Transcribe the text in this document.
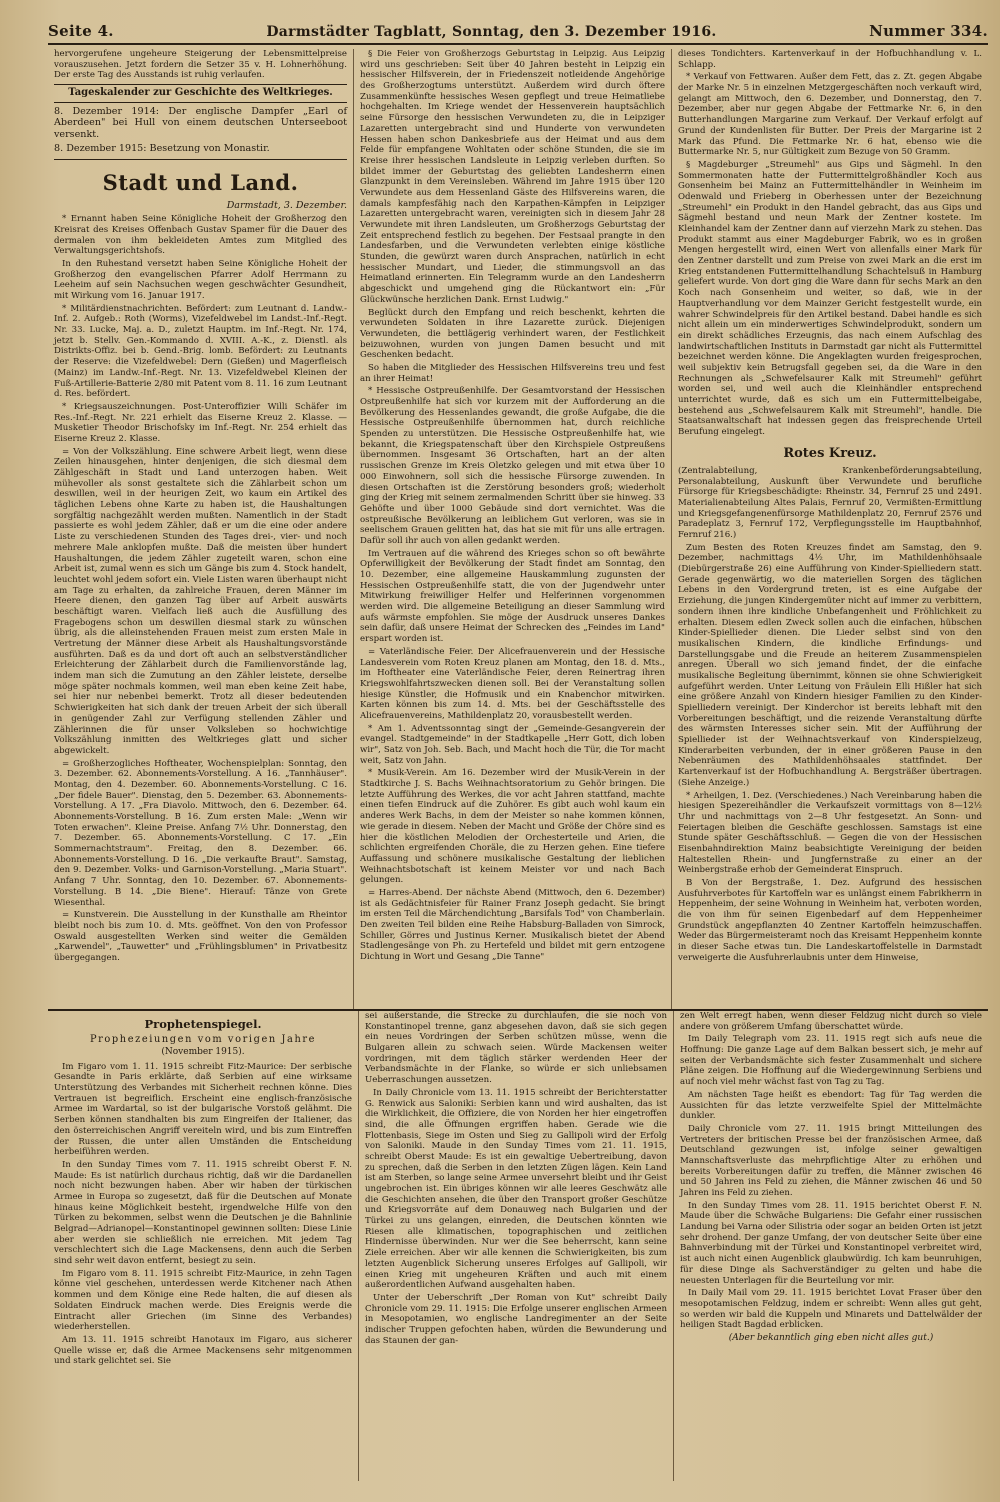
Seite 4.	Darmstädter Tagblatt, Sonntag, den 3. Dezember 1916.	Nummer 334.

hervorgerufene ungeheure Steigerung der Lebensmittelpreise vorauszusehen. Jetzt fordern die Setzer 35 v. H. Lohnerhöhung. Der erste Tag des Ausstands ist ruhig verlaufen.

Tageskalender zur Geschichte des Weltkrieges.

8. Dezember 1914: Der englische Dampfer „Earl of Aberdeen" bei Hull von einem deutschen Unterseeboot versenkt.

8. Dezember 1915: Besetzung von Monastir.

Stadt und Land.
Darmstadt, 3. Dezember.

* Ernannt haben Seine Königliche Hoheit der Großherzog den Kreisrat des Kreises Offenbach Gustav Spamer für die Dauer des dermalen von ihm bekleideten Amtes zum Mitglied des Verwaltungsgerichtshofs.

In den Ruhestand versetzt haben Seine Königliche Hoheit der Großherzog den evangelischen Pfarrer Adolf Herrmann zu Leeheim auf sein Nachsuchen wegen geschwächter Gesundheit, mit Wirkung vom 16. Januar 1917.

* Militärdienstnachrichten. Befördert: zum Leutnant d. Landw.-Inf. 2. Aufgeb.: Roth (Worms), Vizefeldwebel im Landst.-Inf.-Regt. Nr. 33. Lucke, Maj. a. D., zuletzt Hauptm. im Inf.-Regt. Nr. 174, jetzt b. Stellv. Gen.-Kommando d. XVIII. A.-K., z. Dienstl. als Distrikts-Offiz. bei b. Gend.-Brig. lomb. Befördert: zu Leutnants der Reserve: die Vizefeldwebel: Dern (Gießen) und Magerfleisch (Mainz) im Landw.-Inf.-Regt. Nr. 13. Vizefeldwebel Kleinen der Fuß-Artillerie-Batterie 2/80 mit Patent vom 8. 11. 16 zum Leutnant d. Res. befördert.

* Kriegsauszeichnungen. Post-Unteroffizier Willi Schäfer im Res.-Inf.-Regt. Nr. 221 erhielt das Eiserne Kreuz 2. Klasse. — Musketier Theodor Brischofsky im Inf.-Regt. Nr. 254 erhielt das Eiserne Kreuz 2. Klasse.

= Von der Volkszählung. Eine schwere Arbeit liegt, wenn diese Zeilen hinausgehen, hinter denjenigen, die sich diesmal dem Zählgeschäft in Stadt und Land unterzogen haben. Weit mühevoller als sonst gestaltete sich die Zählarbeit schon um deswillen, weil in der heurigen Zeit, wo kaum ein Artikel des täglichen Lebens ohne Karte zu haben ist, die Haushaltungen sorgfältig nachgezählt werden mußten. Namentlich in der Stadt passierte es wohl jedem Zähler, daß er um die eine oder andere Liste zu verschiedenen Stunden des Tages drei-, vier- und noch mehrere Male anklopfen mußte. Daß die meisten über hundert Haushaltungen, die jedem Zähler zugeteilt waren, schon eine Arbeit ist, zumal wenn es sich um Gänge bis zum 4. Stock handelt, leuchtet wohl jedem sofort ein. Viele Listen waren überhaupt nicht am Tage zu erhalten, da zahlreiche Frauen, deren Männer im Heere dienen, den ganzen Tag über auf Arbeit auswärts beschäftigt waren. Vielfach ließ auch die Ausfüllung des Fragebogens schon um deswillen diesmal stark zu wünschen übrig, als die alleinstehenden Frauen meist zum ersten Male in Vertretung der Männer diese Arbeit als Haushaltungsvorstände ausführten. Daß es da und dort oft auch an selbstverständlicher Erleichterung der Zählarbeit durch die Familienvorstände lag, indem man sich die Zumutung an den Zähler leistete, derselbe möge später nochmals kommen, weil man eben keine Zeit habe, sei hier nur nebenbei bemerkt. Trotz all dieser bedeutenden Schwierigkeiten hat sich dank der treuen Arbeit der sich überall in genügender Zahl zur Verfügung stellenden Zähler und Zählerinnen die für unser Volksleben so hochwichtige Volkszählung inmitten des Weltkrieges glatt und sicher abgewickelt.

= Großherzogliches Hoftheater, Wochenspielplan: Sonntag, den 3. Dezember. 62. Abonnements-Vorstellung. A 16. „Tannhäuser". Montag, den 4. Dezember. 60. Abonnements-Vorstellung. C 16. „Der fidele Bauer". Dienstag, den 5. Dezember. 63. Abonnements-Vorstellung. A 17. „Fra Diavolo. Mittwoch, den 6. Dezember. 64. Abonnements-Vorstellung. B 16. Zum ersten Male: „Wenn wir Toten erwachen". Kleine Preise. Anfang 7½ Uhr. Donnerstag, den 7. Dezember. 65. Abonnements-Vorstellung. C 17. „Ein Sommernachtstraum". Freitag, den 8. Dezember. 66. Abonnements-Vorstellung. D 16. „Die verkaufte Braut". Samstag, den 9. Dezember. Volks- und Garnison-Vorstellung. „Maria Stuart". Anfang 7 Uhr. Sonntag, den 10. Dezember. 67. Abonnements-Vorstellung. B 14. „Die Biene". Hierauf: Tänze von Grete Wiesenthal.

= Kunstverein. Die Ausstellung in der Kunsthalle am Rheintor bleibt noch bis zum 10. d. Mts. geöffnet. Von den von Professor Oswald ausgestellten Werken sind weiter die Gemälden „Karwendel", „Tauwetter" und „Frühlingsblumen" in Privatbesitz übergegangen.

§ Die Feier von Großherzogs Geburtstag in Leipzig. Aus Leipzig wird uns geschrieben: Seit über 40 Jahren besteht in Leipzig ein hessischer Hilfsverein, der in Friedenszeit notleidende Angehörige des Großherzogtums unterstützt. Außerdem wird durch öftere Zusammenkünfte hessisches Wesen gepflegt und treue Heimatliebe hochgehalten. Im Kriege wendet der Hessenverein hauptsächlich seine Fürsorge den hessischen Verwundeten zu, die in Leipziger Lazaretten untergebracht sind und Hunderte von verwundeten Hessen haben schon Dankesbriefe aus der Heimat und aus dem Felde für empfangene Wohltaten oder schöne Stunden, die sie im Kreise ihrer hessischen Landsleute in Leipzig verleben durften. So bildet immer der Geburtstag des geliebten Landesherrn einen Glanzpunkt in dem Vereinsleben. Während im Jahre 1915 über 120 Verwundete aus dem Hessenland Gäste des Hilfsvereins waren, die damals kampfesfähig nach den Karpathen-Kämpfen in Leipziger Lazaretten untergebracht waren, vereinigten sich in diesem Jahr 28 Verwundete mit ihren Landsleuten, um Großherzogs Geburtstag der Zeit entsprechend festlich zu begehen. Der Festsaal prangte in den Landesfarben, und die Verwundeten verlebten einige köstliche Stunden, die gewürzt waren durch Ansprachen, natürlich in echt hessischer Mundart, und Lieder, die stimmungsvoll an das Heimatland erinnerten. Ein Telegramm wurde an den Landesherrn abgeschickt und umgehend ging die Rückantwort ein: „Für Glückwünsche herzlichen Dank. Ernst Ludwig."

Beglückt durch den Empfang und reich beschenkt, kehrten die verwundeten Soldaten in ihre Lazarette zurück. Diejenigen Verwundeten, die bettlägerig verhindert waren, der Festlichkeit beizuwohnen, wurden von jungen Damen besucht und mit Geschenken bedacht.

So haben die Mitglieder des Hessischen Hilfsvereins treu und fest an ihrer Heimat!

* Hessische Ostpreußenhilfe. Der Gesamtvorstand der Hessischen Ostpreußenhilfe hat sich vor kurzem mit der Aufforderung an die Bevölkerung des Hessenlandes gewandt, die große Aufgabe, die die Hessische Ostpreußenhilfe übernommen hat, durch reichliche Spenden zu unterstützen. Die Hessische Ostpreußenhilfe hat, wie bekannt, die Kriegspatenschaft über den Kirchspiele Ostpreußens übernommen. Insgesamt 36 Ortschaften, hart an der alten russischen Grenze im Kreis Oletzko gelegen und mit etwa über 10 000 Einwohnern, soll sich die hessische Fürsorge zuwenden. In diesen Ortschaften ist die Zerstörung besonders groß; wiederholt ging der Krieg mit seinem zermalmenden Schritt über sie hinweg. 33 Gehöfte und über 1000 Gebäude sind dort vernichtet. Was die ostpreußische Bevölkerung an leiblichem Gut verloren, was sie in seelischem Grauen gelitten hat, das hat sie mit für uns alle ertragen. Dafür soll ihr auch von allen gedankt werden.

Im Vertrauen auf die während des Krieges schon so oft bewährte Opferwilligkeit der Bevölkerung der Stadt findet am Sonntag, den 10. Dezember, eine allgemeine Hauskammlung zugunsten der Hessischen Ostpreußenhilfe statt, die von der Jugendwehr unter Mitwirkung freiwilliger Helfer und Helferinnen vorgenommen werden wird. Die allgemeine Beteiligung an dieser Sammlung wird aufs wärmste empfohlen. Sie möge der Ausdruck unseres Dankes sein dafür, daß unsere Heimat der Schrecken des „Feindes im Land" erspart worden ist.

= Vaterländische Feier. Der Alicefrauenverein und der Hessische Landesverein vom Roten Kreuz planen am Montag, den 18. d. Mts., im Hoftheater eine Vaterländische Feier, deren Reinertrag ihren Kriegswohlfahrtszwecken dienen soll. Bei der Veranstaltung sollen hiesige Künstler, die Hofmusik und ein Knabenchor mitwirken. Karten können bis zum 14. d. Mts. bei der Geschäftsstelle des Alicefrauenvereins, Mathildenplatz 20, vorausbestellt werden.

* Am 1. Adventssonntag singt der „Gemeinde-Gesangverein der evangel. Stadtgemeinde" in der Stadtkapelle „Herr Gott, dich loben wir", Satz von Joh. Seb. Bach, und Macht hoch die Tür, die Tor macht weit, Satz von Jahn.

* Musik-Verein. Am 16. Dezember wird der Musik-Verein in der Stadtkirche J. S. Bachs Weihnachtsoratorium zu Gehör bringen. Die letzte Aufführung des Werkes, die vor acht Jahren stattfand, machte einen tiefen Eindruck auf die Zuhörer. Es gibt auch wohl kaum ein anderes Werk Bachs, in dem der Meister so nahe kommen können, wie gerade in diesem. Neben der Macht und Größe der Chöre sind es hier die köstlichen Melodien der Orchesterteile und Arien, die schlichten ergreifenden Choräle, die zu Herzen gehen. Eine tiefere Auffassung und schönere musikalische Gestaltung der lieblichen Weihnachtsbotschaft ist keinem Meister vor und nach Bach gelungen.

= Harres-Abend. Der nächste Abend (Mittwoch, den 6. Dezember) ist als Gedächtnisfeier für Rainer Franz Joseph gedacht. Sie bringt im ersten Teil die Märchendichtung „Barsifals Tod" von Chamberlain. Den zweiten Teil bilden eine Reihe Habsburg-Balladen von Simrock, Schiller, Görres und Justinus Kerner. Musikalisch bietet der Abend Stadlengesänge von Ph. zu Hertefeld und bildet mit gern entzogene Dichtung in Wort und Gesang „Die Tanne"

dieses Tondichters. Kartenverkauf in der Hofbuchhandlung v. L. Schlapp.

* Verkauf von Fettwaren. Außer dem Fett, das z. Zt. gegen Abgabe der Marke Nr. 5 in einzelnen Metzgergeschäften noch verkauft wird, gelangt am Mittwoch, den 6. Dezember, und Donnerstag, den 7. Dezember, aber nur gegen Abgabe der Fettmarke Nr. 6, in den Butterhandlungen Margarine zum Verkauf. Der Verkauf erfolgt auf Grund der Kundenlisten für Butter. Der Preis der Margarine ist 2 Mark das Pfund. Die Fettmarke Nr. 6 hat, ebenso wie die Buttermarke Nr. 5, nur Gültigkeit zum Bezuge von 50 Gramm.

§ Magdeburger „Streumehl" aus Gips und Sägmehl. In den Sommermonaten hatte der Futtermittelgroßhändler Koch aus Gonsenheim bei Mainz an Futtermittelhändler in Weinheim im Odenwald und Frieberg in Oberhessen unter der Bezeichnung „Streumehl" ein Produkt in den Handel gebracht, das aus Gips und Sägmehl bestand und neun Mark der Zentner kostete. Im Kleinhandel kam der Zentner dann auf vierzehn Mark zu stehen. Das Produkt stammt aus einer Magdeburger Fabrik, wo es in großen Mengen hergestellt wird, einen Wert von allenfalls einer Mark für den Zentner darstellt und zum Preise von zwei Mark an die erst im Krieg entstandenen Futtermittelhandlung Schachtelsuß in Hamburg geliefert wurde. Von dort ging die Ware dann für sechs Mark an den Koch nach Gonsenheim und weiter, so daß, wie in der Hauptverhandlung vor dem Mainzer Gericht festgestellt wurde, ein wahrer Schwindelpreis für den Artikel bestand. Dabei handle es sich nicht allein um ein minderwertiges Schwindelprodukt, sondern um ein direkt schädliches Erzeugnis, das nach einem Aufschlag des landwirtschaftlichen Instituts in Darmstadt gar nicht als Futtermittel bezeichnet werden könne. Die Angeklagten wurden freigesprochen, weil subjektiv kein Betrugsfall gegeben sei, da die Ware in den Rechnungen als „Schwefelsaurer Kalk mit Streumehl" geführt worden sei, und weil auch die Kleinhändler entsprechend unterrichtet wurde, daß es sich um ein Futtermittelbeigabe, bestehend aus „Schwefelsaurem Kalk mit Streumehl", handle. Die Staatsanwaltschaft hat indessen gegen das freisprechende Urteil Berufung eingelegt.

Rotes Kreuz.

(Zentralabteilung, Krankenbeförderungsabteilung, Personalabteilung, Auskunft über Verwundete und berufliche Fürsorge für Kriegsbeschädigte: Rheinstr. 34, Fernruf 25 und 2491. Materialienabteilung Altes Palais, Fernruf 20, Vermißten-Ermittlung und Kriegsgefangenenfürsorge Mathildenplatz 20, Fernruf 2576 und Paradeplatz 3, Fernruf 172, Verpflegungsstelle im Hauptbahnhof, Fernruf 216.)

Zum Besten des Roten Kreuzes findet am Samstag, den 9. Dezember, nachmittags 4½ Uhr, im Mathildenhöhsaale (Diebürgerstraße 26) eine Aufführung von Kinder-Spielliedern statt. Gerade gegenwärtig, wo die materiellen Sorgen des täglichen Lebens in den Vordergrund treten, ist es eine Aufgabe der Erziehung, die jungen Kindergemüter nicht auf immer zu verbittern, sondern ihnen ihre kindliche Unbefangenheit und Fröhlichkeit zu erhalten. Diesem edlen Zweck sollen auch die einfachen, hübschen Kinder-Spiellieder dienen. Die Lieder selbst sind von den musikalischen Kindern, die kindliche Erfindungs- und Darstellungsgabe und die Freude an heiterem Zusammenspielen anregen. Überall wo sich jemand findet, der die einfache musikalische Begleitung übernimmt, können sie ohne Schwierigkeit aufgeführt werden. Unter Leitung von Fräulein Elli Hißler hat sich eine größere Anzahl von Kindern hiesiger Familien zu den Kinder-Spielliedern vereinigt. Der Kinderchor ist bereits lebhaft mit den Vorbereitungen beschäftigt, und die reizende Veranstaltung dürfte des wärmsten Interesses sicher sein. Mit der Aufführung der Spiellieder ist der Weihnachtsverkauf von Kinderspielzeug, Kinderarbeiten verbunden, der in einer größeren Pause in den Nebenräumen des Mathildenhöhsaales stattfindet. Der Kartenverkauf ist der Hofbuchhandlung A. Bergsträßer übertragen. (Siehe Anzeige.)

* Arheilgen, 1. Dez. (Verschiedenes.) Nach Vereinbarung haben die hiesigen Spezereihändler die Verkaufszeit vormittags von 8—12½ Uhr und nachmittags von 2—8 Uhr festgesetzt. An Sonn- und Feiertagen bleiben die Geschäfte geschlossen. Samstags ist eine Stunde später Geschäftsschluß. — Gegen die von der Hessischen Eisenbahndirektion Mainz beabsichtigte Vereinigung der beiden Haltestellen Rhein- und Jungfernstraße zu einer an der Weinbergstraße erhob der Gemeinderat Einspruch.

B Von der Bergstraße, 1. Dez. Aufgrund des hessischen Ausfuhrverbotes für Kartoffeln war es unlängst einem Fabrikherrn in Heppenheim, der seine Wohnung in Weinheim hat, verboten worden, die von ihm für seinen Eigenbedarf auf dem Heppenheimer Grundstück angepflanzten 40 Zentner Kartoffeln heimzuschaffen. Weder das Bürgermeisteramt noch das Kreisamt Heppenheim konnte in dieser Sache etwas tun. Die Landeskartoffelstelle in Darmstadt verweigerte die Ausfuhrerlaubnis unter dem Hinweise,

Prophetenspiegel.
Prophezeiungen vom vorigen Jahre
(November 1915).

Im Figaro vom 1. 11. 1915 schreibt Fitz-Maurice: Der serbische Gesandte in Paris erklärte, daß Serbien auf eine wirksame Unterstützung des Verbandes mit Sicherheit rechnen könne. Dies Vertrauen ist begreiflich. Erscheint eine englisch-französische Armee im Wardartal, so ist der bulgarische Vorstoß gelähmt. Die Serben können standhalten bis zum Eingreifen der Italiener, das den österreichischen Angriff vereiteln wird, und bis zum Eintreffen der Russen, die unter allen Umständen die Entscheidung herbeiführen werden.

In den Sunday Times vom 7. 11. 1915 schreibt Oberst F. N. Maude: Es ist natürlich durchaus richtig, daß wir die Dardanellen noch nicht bezwungen haben. Aber wir haben der türkischen Armee in Europa so zugesetzt, daß für die Deutschen auf Monate hinaus keine Möglichkeit besteht, irgendwelche Hilfe von den Türken zu bekommen, selbst wenn die Deutschen je die Bahnlinie Belgrad—Adrianopel—Konstantinopel gewinnen sollten: Diese Linie aber werden sie schließlich nie erreichen. Mit jedem Tag verschlechtert sich die Lage Mackensens, denn auch die Serben sind sehr weit davon entfernt, besiegt zu sein.

Im Figaro vom 8. 11. 1915 schreibt Fitz-Maurice, in zehn Tagen könne viel geschehen, unterdessen werde Kitchener nach Athen kommen und dem Könige eine Rede halten, die auf diesen als Soldaten Eindruck machen werde. Dies Ereignis werde die Eintracht aller Griechen (im Sinne des Verbandes) wiederherstellen.

Am 13. 11. 1915 schreibt Hanotaux im Figaro, aus sicherer Quelle wisse er, daß die Armee Mackensens sehr mitgenommen und stark gelichtet sei. Sie

sei außerstande, die Strecke zu durchlaufen, die sie noch von Konstantinopel trenne, ganz abgesehen davon, daß sie sich gegen ein neues Vordringen der Serben schützen müsse, wenn die Bulgaren allein zu schwach seien. Würde Mackensen weiter vordringen, mit dem täglich stärker werdenden Heer der Verbandsmächte in der Flanke, so würde er sich unliebsamen Ueberraschungen aussetzen.

In Daily Chronicle vom 13. 11. 1915 schreibt der Berichterstatter G. Renwick aus Saloniki: Serbien kann und wird aushalten, das ist die Wirklichkeit, die Offiziere, die von Norden her hier eingetroffen sind, die alle Öffnungen ergriffen haben. Gerade wie die Flottenbasis, Siege im Osten und Sieg zu Gallipoli wird der Erfolg von Saloniki. Maude in den Sunday Times vom 21. 11. 1915, schreibt Oberst Maude: Es ist ein gewaltige Uebertreibung, davon zu sprechen, daß die Serben in den letzten Zügen lägen. Kein Land ist am Sterben, so lange seine Armee unversehrt bleibt und ihr Geist ungebrochen ist. Ein übriges können wir alle leeres Geschwätz alle die Geschichten ansehen, die über den Transport großer Geschütze und Kriegsvorräte auf dem Donauweg nach Bulgarien und der Türkei zu uns gelangen, einreden, die Deutschen könnten wie Riesen alle klimatischen, topographischen und zeitlichen Hindernisse überwinden. Nur wer die See beherrscht, kann seine Ziele erreichen. Aber wir alle kennen die Schwierigkeiten, bis zum letzten Augenblick Sicherung unseres Erfolges auf Gallipoli, wir einen Krieg mit ungeheuren Kräften und auch mit einem außerordentlichen Aufwand ausgehalten haben.

Unter der Ueberschrift „Der Roman von Kut" schreibt Daily Chronicle vom 29. 11. 1915: Die Erfolge unserer englischen Armeen in Mesopotamien, wo englische Landregimenter an der Seite indischer Truppen gefochten haben, würden die Bewunderung und das Staunen der gan-

zen Welt erregt haben, wenn dieser Feldzug nicht durch so viele andere von größerem Umfang überschattet würde.

Im Daily Telegraph vom 23. 11. 1915 regt sich aufs neue die Hoffnung: Die ganze Lage auf dem Balkan bessert sich, je mehr auf seiten der Verbandsmächte sich fester Zusammenhalt und sichere Pläne zeigen. Die Hoffnung auf die Wiedergewinnung Serbiens und auf noch viel mehr wächst fast von Tag zu Tag.

Am nächsten Tage heißt es ebendort: Tag für Tag werden die Aussichten für das letzte verzweifelte Spiel der Mittelmächte dunkler.

Daily Chronicle vom 27. 11. 1915 bringt Mitteilungen des Vertreters der britischen Presse bei der französischen Armee, daß Deutschland gezwungen ist, infolge seiner gewaltigen Mannschaftsverluste das mehrpflichtige Alter zu erhöhen und bereits Vorbereitungen dafür zu treffen, die Männer zwischen 46 und 50 Jahren ins Feld zu ziehen, die Männer zwischen 46 und 50 Jahren ins Feld zu ziehen.

In den Sunday Times vom 28. 11. 1915 berichtet Oberst F. N. Maude über die Schwäche Bulgariens: Die Gefahr einer russischen Landung bei Varna oder Silistria oder sogar an beiden Orten ist jetzt sehr drohend. Der ganze Umfang, der von deutscher Seite über eine Bahnverbindung mit der Türkei und Konstantinopel verbreitet wird, ist auch nicht einen Augenblick glaubwürdig. Ich kam beunruhigen, für diese Dinge als Sachverständiger zu gelten und habe die neuesten Unterlagen für die Beurteilung vor mir.

In Daily Mail vom 29. 11. 1915 berichtet Lovat Fraser über den mesopotamischen Feldzug, indem er schreibt: Wenn alles gut geht, so werden wir bald die Kuppeln und Minarets und Dattelwälder der heiligen Stadt Bagdad erblicken.

(Aber bekanntlich ging eben nicht alles gut.)
